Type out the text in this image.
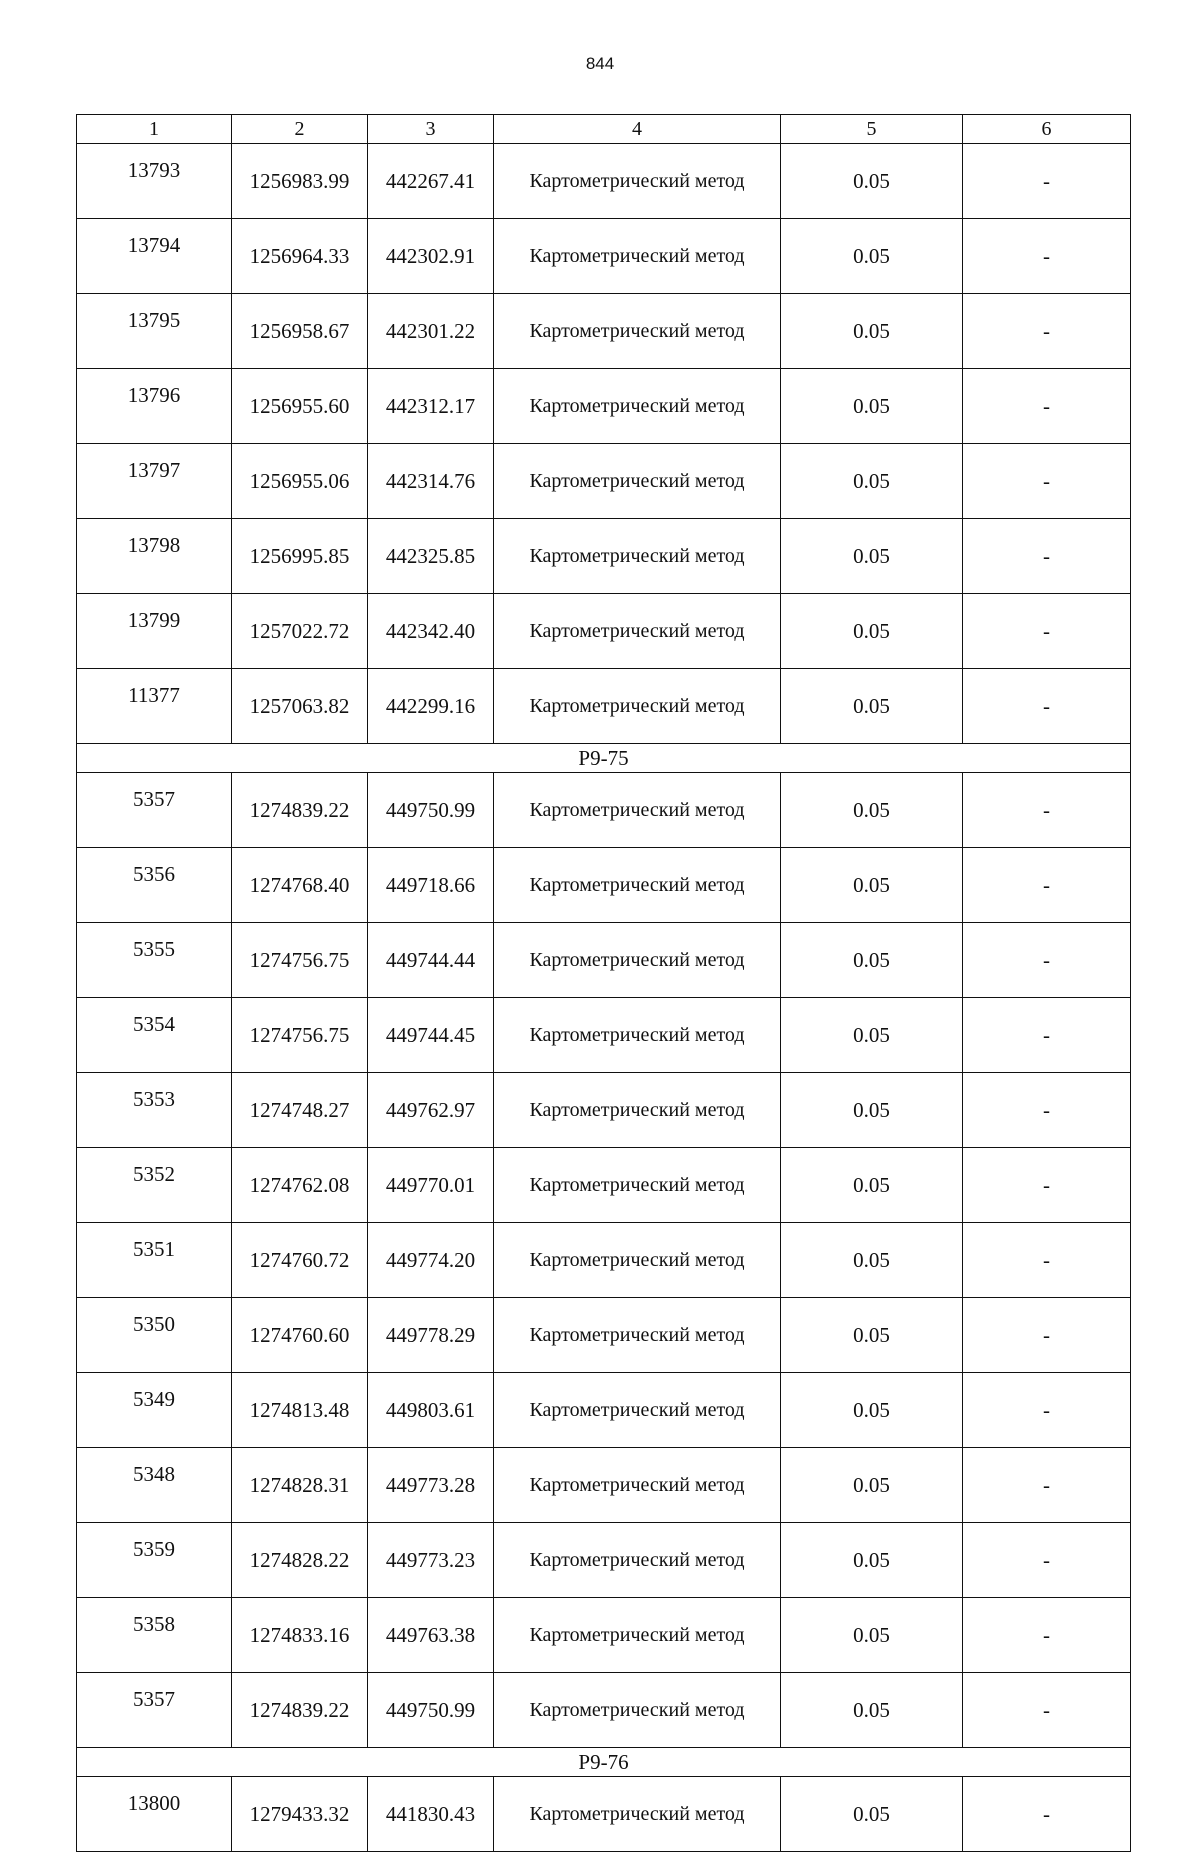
844
1	2	3	4	5	6
13793	1256983.99	442267.41	Картометрический метод	0.05	-
13794	1256964.33	442302.91	Картометрический метод	0.05	-
13795	1256958.67	442301.22	Картометрический метод	0.05	-
13796	1256955.60	442312.17	Картометрический метод	0.05	-
13797	1256955.06	442314.76	Картометрический метод	0.05	-
13798	1256995.85	442325.85	Картометрический метод	0.05	-
13799	1257022.72	442342.40	Картометрический метод	0.05	-
11377	1257063.82	442299.16	Картометрический метод	0.05	-
Р9-75					
5357	1274839.22	449750.99	Картометрический метод	0.05	-
5356	1274768.40	449718.66	Картометрический метод	0.05	-
5355	1274756.75	449744.44	Картометрический метод	0.05	-
5354	1274756.75	449744.45	Картометрический метод	0.05	-
5353	1274748.27	449762.97	Картометрический метод	0.05	-
5352	1274762.08	449770.01	Картометрический метод	0.05	-
5351	1274760.72	449774.20	Картометрический метод	0.05	-
5350	1274760.60	449778.29	Картометрический метод	0.05	-
5349	1274813.48	449803.61	Картометрический метод	0.05	-
5348	1274828.31	449773.28	Картометрический метод	0.05	-
5359	1274828.22	449773.23	Картометрический метод	0.05	-
5358	1274833.16	449763.38	Картометрический метод	0.05	-
5357	1274839.22	449750.99	Картометрический метод	0.05	-
Р9-76					
13800	1279433.32	441830.43	Картометрический метод	0.05	-
